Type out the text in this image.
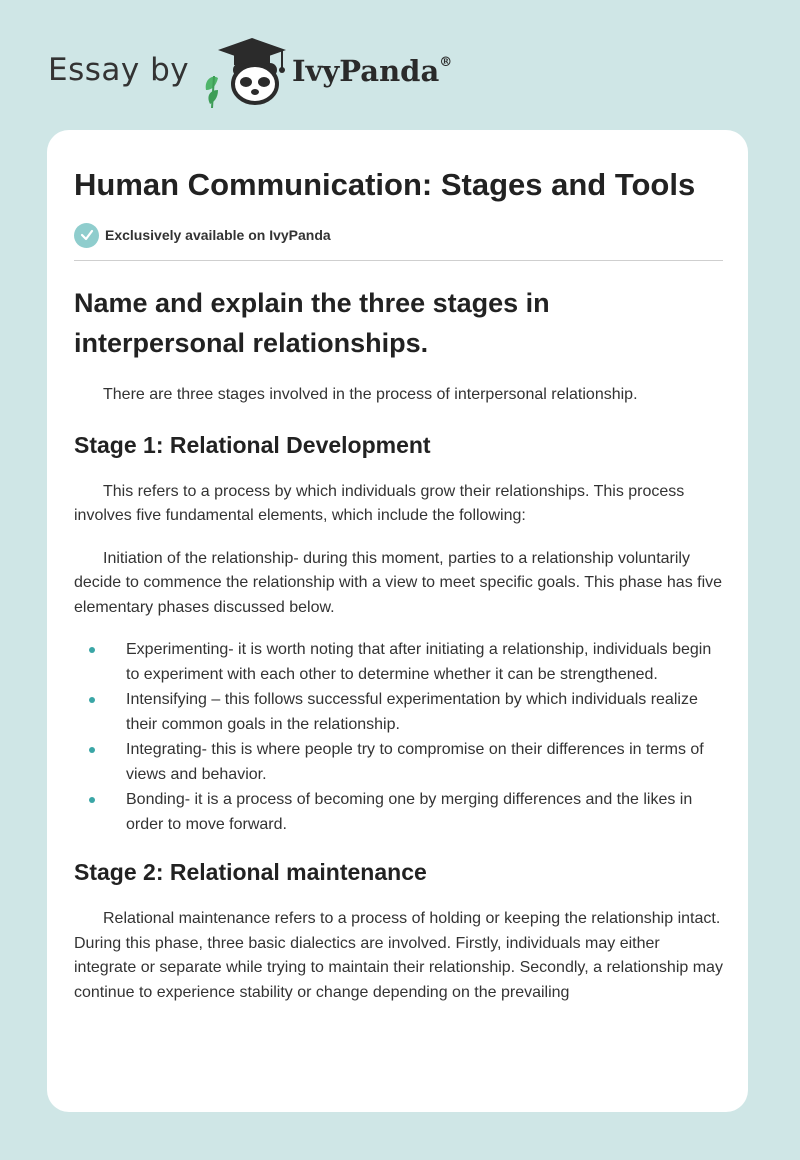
Essay by	IvyPanda®
Human Communication: Stages and Tools
Exclusively available on IvyPanda
Name and explain the three stages in interpersonal relationships.

There are three stages involved in the process of interpersonal relationship.

Stage 1: Relational Development

This refers to a process by which individuals grow their relationships. This process involves five fundamental elements, which include the following:

Initiation of the relationship- during this moment, parties to a relationship voluntarily decide to commence the relationship with a view to meet specific goals. This phase has five elementary phases discussed below.

Experimenting- it is worth noting that after initiating a relationship, individuals begin to experiment with each other to determine whether it can be strengthened.
Intensifying – this follows successful experimentation by which individuals realize their common goals in the relationship.
Integrating- this is where people try to compromise on their differences in terms of views and behavior.
Bonding- it is a process of becoming one by merging differences and the likes in order to move forward.
Stage 2: Relational maintenance

Relational maintenance refers to a process of holding or keeping the relationship intact. During this phase, three basic dialectics are involved. Firstly, individuals may either integrate or separate while trying to maintain their relationship. Secondly, a relationship may continue to experience stability or change depending on the prevailing
